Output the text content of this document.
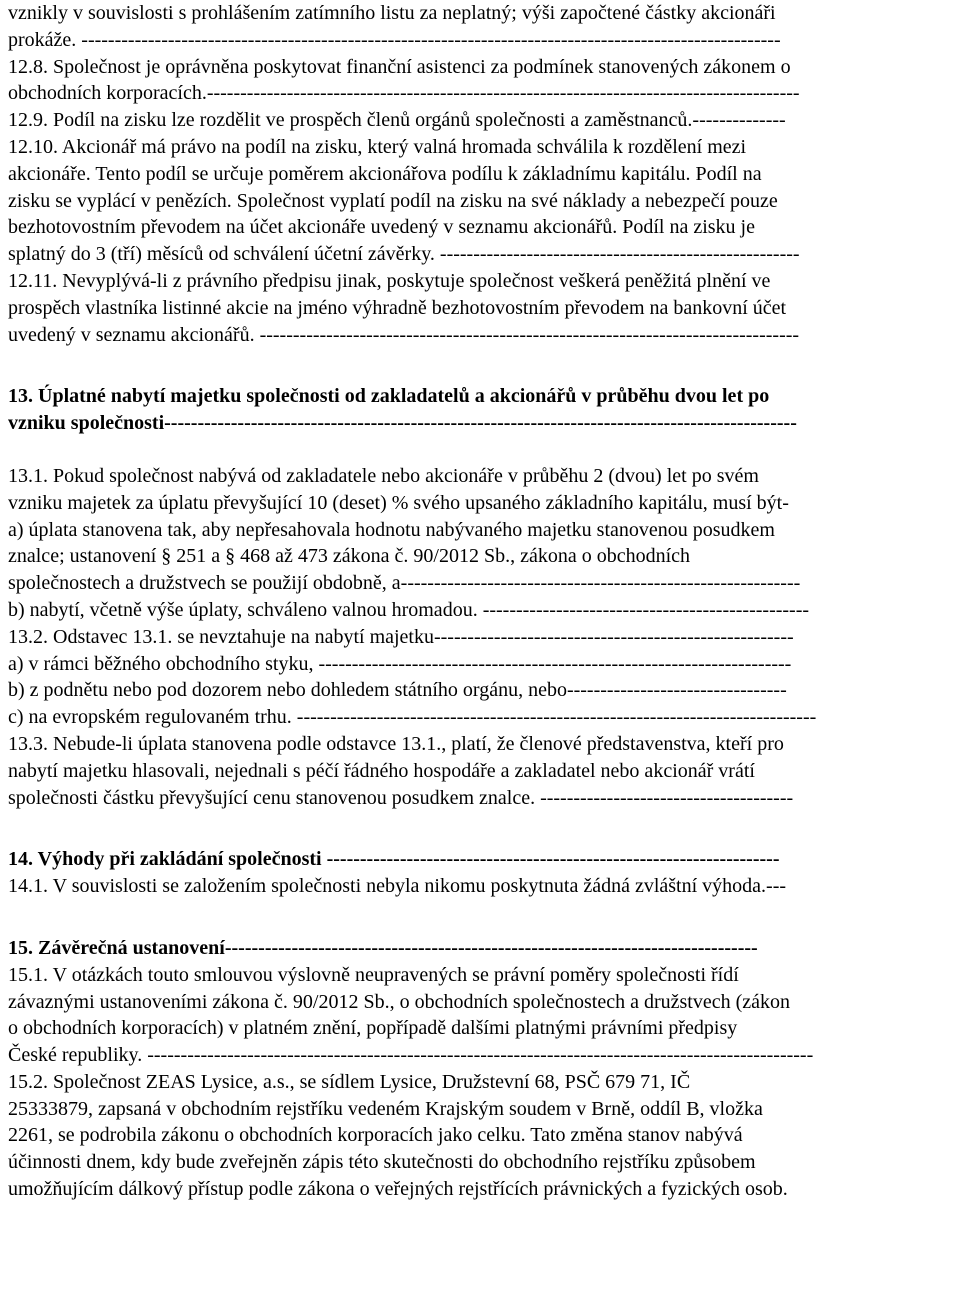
vznikly v souvislosti s prohlášením zatímního listu za neplatný; výši započtené částky akcionáři
prokáže. ---------------------------------------------------------------------------------------------------------
12.8. Společnost je oprávněna poskytovat finanční asistenci za podmínek stanovených zákonem o
obchodních korporacích.-----------------------------------------------------------------------------------------
12.9. Podíl na zisku lze rozdělit ve prospěch členů orgánů společnosti a zaměstnanců.--------------
12.10. Akcionář má právo na podíl na zisku, který valná hromada schválila k rozdělení mezi
akcionáře. Tento podíl se určuje poměrem akcionářova podílu k základnímu kapitálu. Podíl na
zisku se vyplácí v penězích. Společnost vyplatí podíl na zisku na své náklady a nebezpečí pouze
bezhotovostním převodem na účet akcionáře uvedený v seznamu akcionářů. Podíl na zisku je
splatný do 3 (tří) měsíců od schválení účetní závěrky. ------------------------------------------------------
12.11. Nevyplývá-li z právního předpisu jinak, poskytuje společnost veškerá peněžitá plnění ve
prospěch vlastníka listinné akcie na jméno výhradně bezhotovostním převodem na bankovní účet
uvedený v seznamu akcionářů. ---------------------------------------------------------------------------------
13. Úplatné nabytí majetku společnosti od zakladatelů a akcionářů v průběhu dvou let po
vzniku společnosti-----------------------------------------------------------------------------------------------
13.1. Pokud společnost nabývá od zakladatele nebo akcionáře v průběhu 2 (dvou) let po svém
vzniku majetek za úplatu převyšující 10 (deset) % svého upsaného základního kapitálu, musí být-
a) úplata stanovena tak, aby nepřesahovala hodnotu nabývaného majetku stanovenou posudkem
znalce; ustanovení § 251 a § 468 až 473 zákona č. 90/2012 Sb., zákona o obchodních
společnostech a družstvech se použijí obdobně, a------------------------------------------------------------
b) nabytí, včetně výše úplaty, schváleno valnou hromadou. -------------------------------------------------
13.2. Odstavec 13.1. se nevztahuje na nabytí majetku------------------------------------------------------
a) v rámci běžného obchodního styku, -----------------------------------------------------------------------
b) z podnětu nebo pod dozorem nebo dohledem státního orgánu, nebo---------------------------------
c) na evropském regulovaném trhu. ------------------------------------------------------------------------------
13.3. Nebude-li úplata stanovena podle odstavce 13.1., platí, že členové představenstva, kteří pro
nabytí majetku hlasovali, nejednali s péčí řádného hospodáře a zakladatel nebo akcionář vrátí
společnosti částku převyšující cenu stanovenou posudkem znalce. --------------------------------------
14. Výhody při zakládání společnosti --------------------------------------------------------------------
14.1. V souvislosti se založením společnosti nebyla nikomu poskytnuta žádná zvláštní výhoda.---
15. Závěrečná ustanovení--------------------------------------------------------------------------------
15.1. V otázkách touto smlouvou výslovně neupravených se právní poměry společnosti řídí
závaznými ustanoveními zákona č. 90/2012 Sb., o obchodních společnostech a družstvech (zákon
o obchodních korporacích) v platném znění, popřípadě dalšími platnými právními předpisy
České republiky. ----------------------------------------------------------------------------------------------------
15.2. Společnost ZEAS Lysice, a.s., se sídlem Lysice, Družstevní 68, PSČ 679 71, IČ
25333879, zapsaná v obchodním rejstříku vedeném Krajským soudem v Brně, oddíl B, vložka
2261, se podrobila zákonu o obchodních korporacích jako celku. Tato změna stanov nabývá
účinnosti dnem, kdy bude zveřejněn zápis této skutečnosti do obchodního rejstříku způsobem
umožňujícím dálkový přístup podle zákona o veřejných rejstřících právnických a fyzických osob.
